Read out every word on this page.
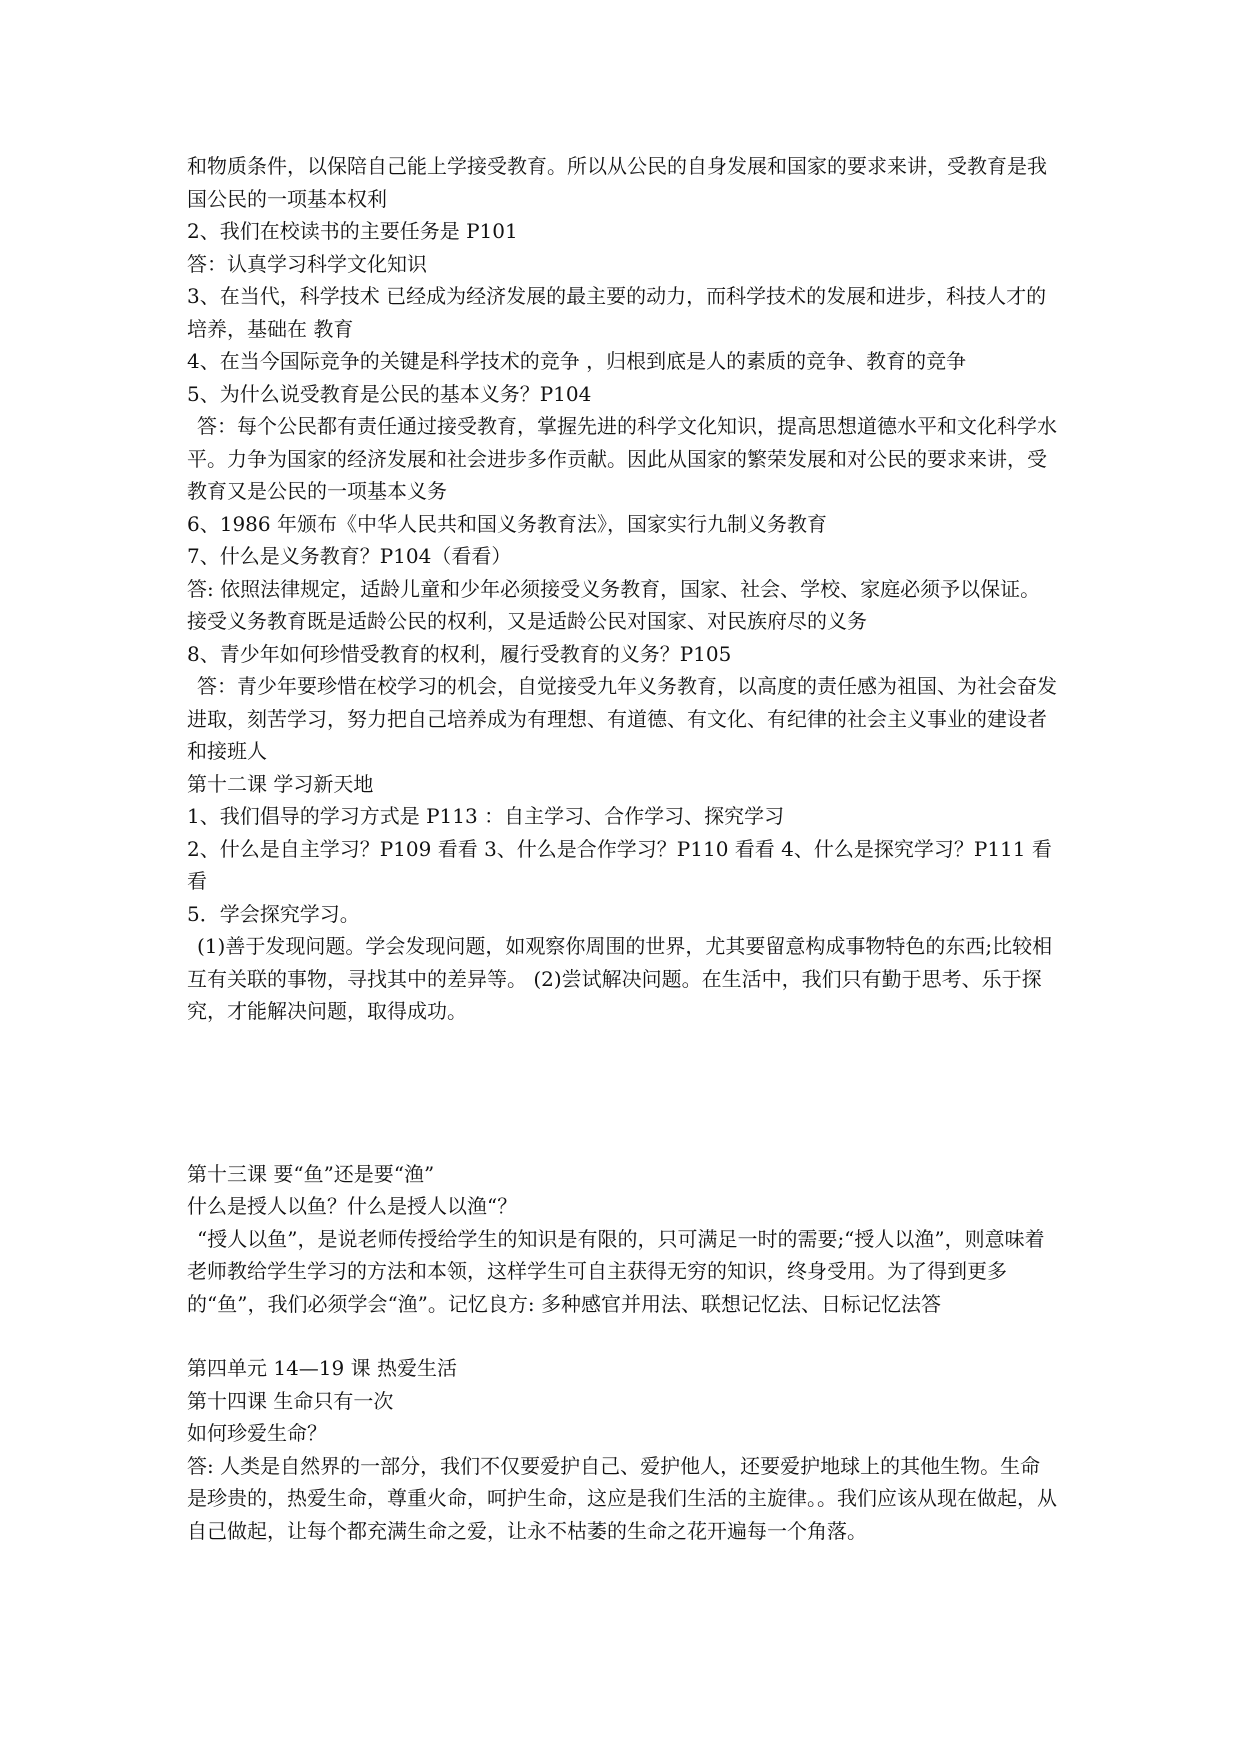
和物质条件，以保陪自己能上学接受教育。所以从公民的自身发展和国家的要求来讲，受教育是我国公民的一项基本权利

2、我们在校读书的主要任务是 P101

答：认真学习科学文化知识

3、在当代，科学技术 已经成为经济发展的最主要的动力，而科学技术的发展和进步，科技人才的培养，基础在 教育

4、在当今国际竞争的关键是科学技术的竞争 ，归根到底是人的素质的竞争、教育的竞争

5、为什么说受教育是公民的基本义务？P104

答：每个公民都有责任通过接受教育，掌握先进的科学文化知识，提高思想道德水平和文化科学水平。力争为国家的经济发展和社会进步多作贡献。因此从国家的繁荣发展和对公民的要求来讲，受教育又是公民的一项基本义务

6、1986 年颁布《中华人民共和国义务教育法》，国家实行九制义务教育

7、什么是义务教育？P104（看看）

答: 依照法律规定，适龄儿童和少年必须接受义务教育，国家、社会、学校、家庭必须予以保证。接受义务教育既是适龄公民的权利，又是适龄公民对国家、对民族府尽的义务

8、青少年如何珍惜受教育的权利，履行受教育的义务？P105

答：青少年要珍惜在校学习的机会，自觉接受九年义务教育，以高度的责任感为祖国、为社会奋发进取，刻苦学习，努力把自己培养成为有理想、有道德、有文化、有纪律的社会主义事业的建设者和接班人

第十二课 学习新天地

1、我们倡导的学习方式是 P113 ：自主学习、合作学习、探究学习

2、什么是自主学习？P109 看看 3、什么是合作学习？P110 看看 4、什么是探究学习？P111 看看

5．学会探究学习。

(1)善于发现问题。学会发现问题，如观察你周围的世界，尤其要留意构成事物特色的东西;比较相互有关联的事物，寻找其中的差异等。 (2)尝试解决问题。在生活中，我们只有勤于思考、乐于探究，才能解决问题，取得成功。

第十三课 要“鱼”还是要“渔”

什么是授人以鱼？什么是授人以渔“？

“授人以鱼”，是说老师传授给学生的知识是有限的，只可满足一时的需要;“授人以渔”，则意味着老师教给学生学习的方法和本领，这样学生可自主获得无穷的知识，终身受用。为了得到更多的“鱼”，我们必须学会“渔”。记忆良方: 多种感官并用法、联想记忆法、日标记忆法答

第四单元 14—19 课 热爱生活

第十四课 生命只有一次

如何珍爱生命？

答: 人类是自然界的一部分，我们不仅要爱护自己、爱护他人，还要爱护地球上的其他生物。生命是珍贵的，热爱生命，尊重火命，呵护生命，这应是我们生活的主旋律。。我们应该从现在做起，从自己做起，让每个都充满生命之爱，让永不枯萎的生命之花开遍每一个角落。
